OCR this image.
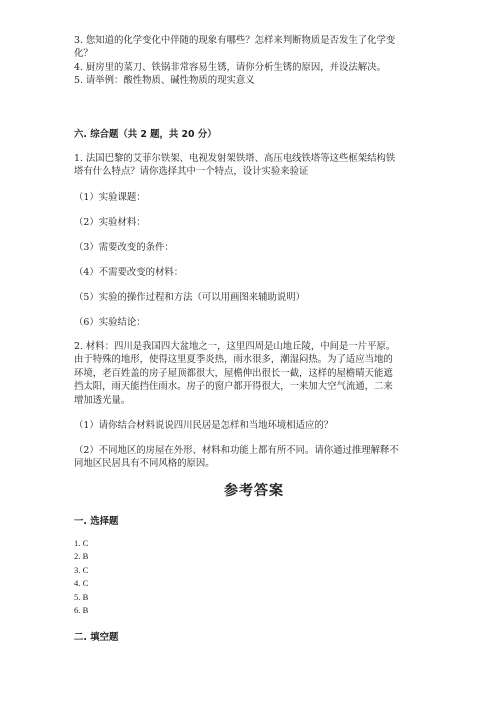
3. 您知道的化学变化中伴随的现象有哪些？怎样来判断物质是否发生了化学变

化？

4. 厨房里的菜刀、铁锅非常容易生锈，请你分析生锈的原因，并设法解决。

5. 请举例：酸性物质、碱性物质的现实意义

六. 综合题（共 2 题，共 20 分）

1. 法国巴黎的艾菲尔铁架、电视发射架铁塔、高压电线铁塔等这些框架结构铁

塔有什么特点？请你选择其中一个特点，设计实验来验证

（1）实验课题：

（2）实验材料：

（3）需要改变的条件：

（4）不需要改变的材料：

（5）实验的操作过程和方法（可以用画图来辅助说明）

（6）实验结论：

2. 材料：四川是我国四大盆地之一，这里四周是山地丘陵，中间是一片平原。

由于特殊的地形，使得这里夏季炎热，雨水很多，潮湿闷热。为了适应当地的

环境，老百姓盖的房子屋顶都很大，屋檐伸出很长一截，这样的屋檐晴天能遮

挡太阳，雨天能挡住雨水。房子的窗户都开得很大，一来加大空气流通，二来

增加透光量。

（1）请你结合材料说说四川民居是怎样和当地环境相适应的？

（2）不同地区的房屋在外形、材料和功能上都有所不同。请你通过推理解释不

同地区民居具有不同风格的原因。

参考答案

一. 选择题

1. C

2. B

3. C

4. C

5. B

6. B

二. 填空题
